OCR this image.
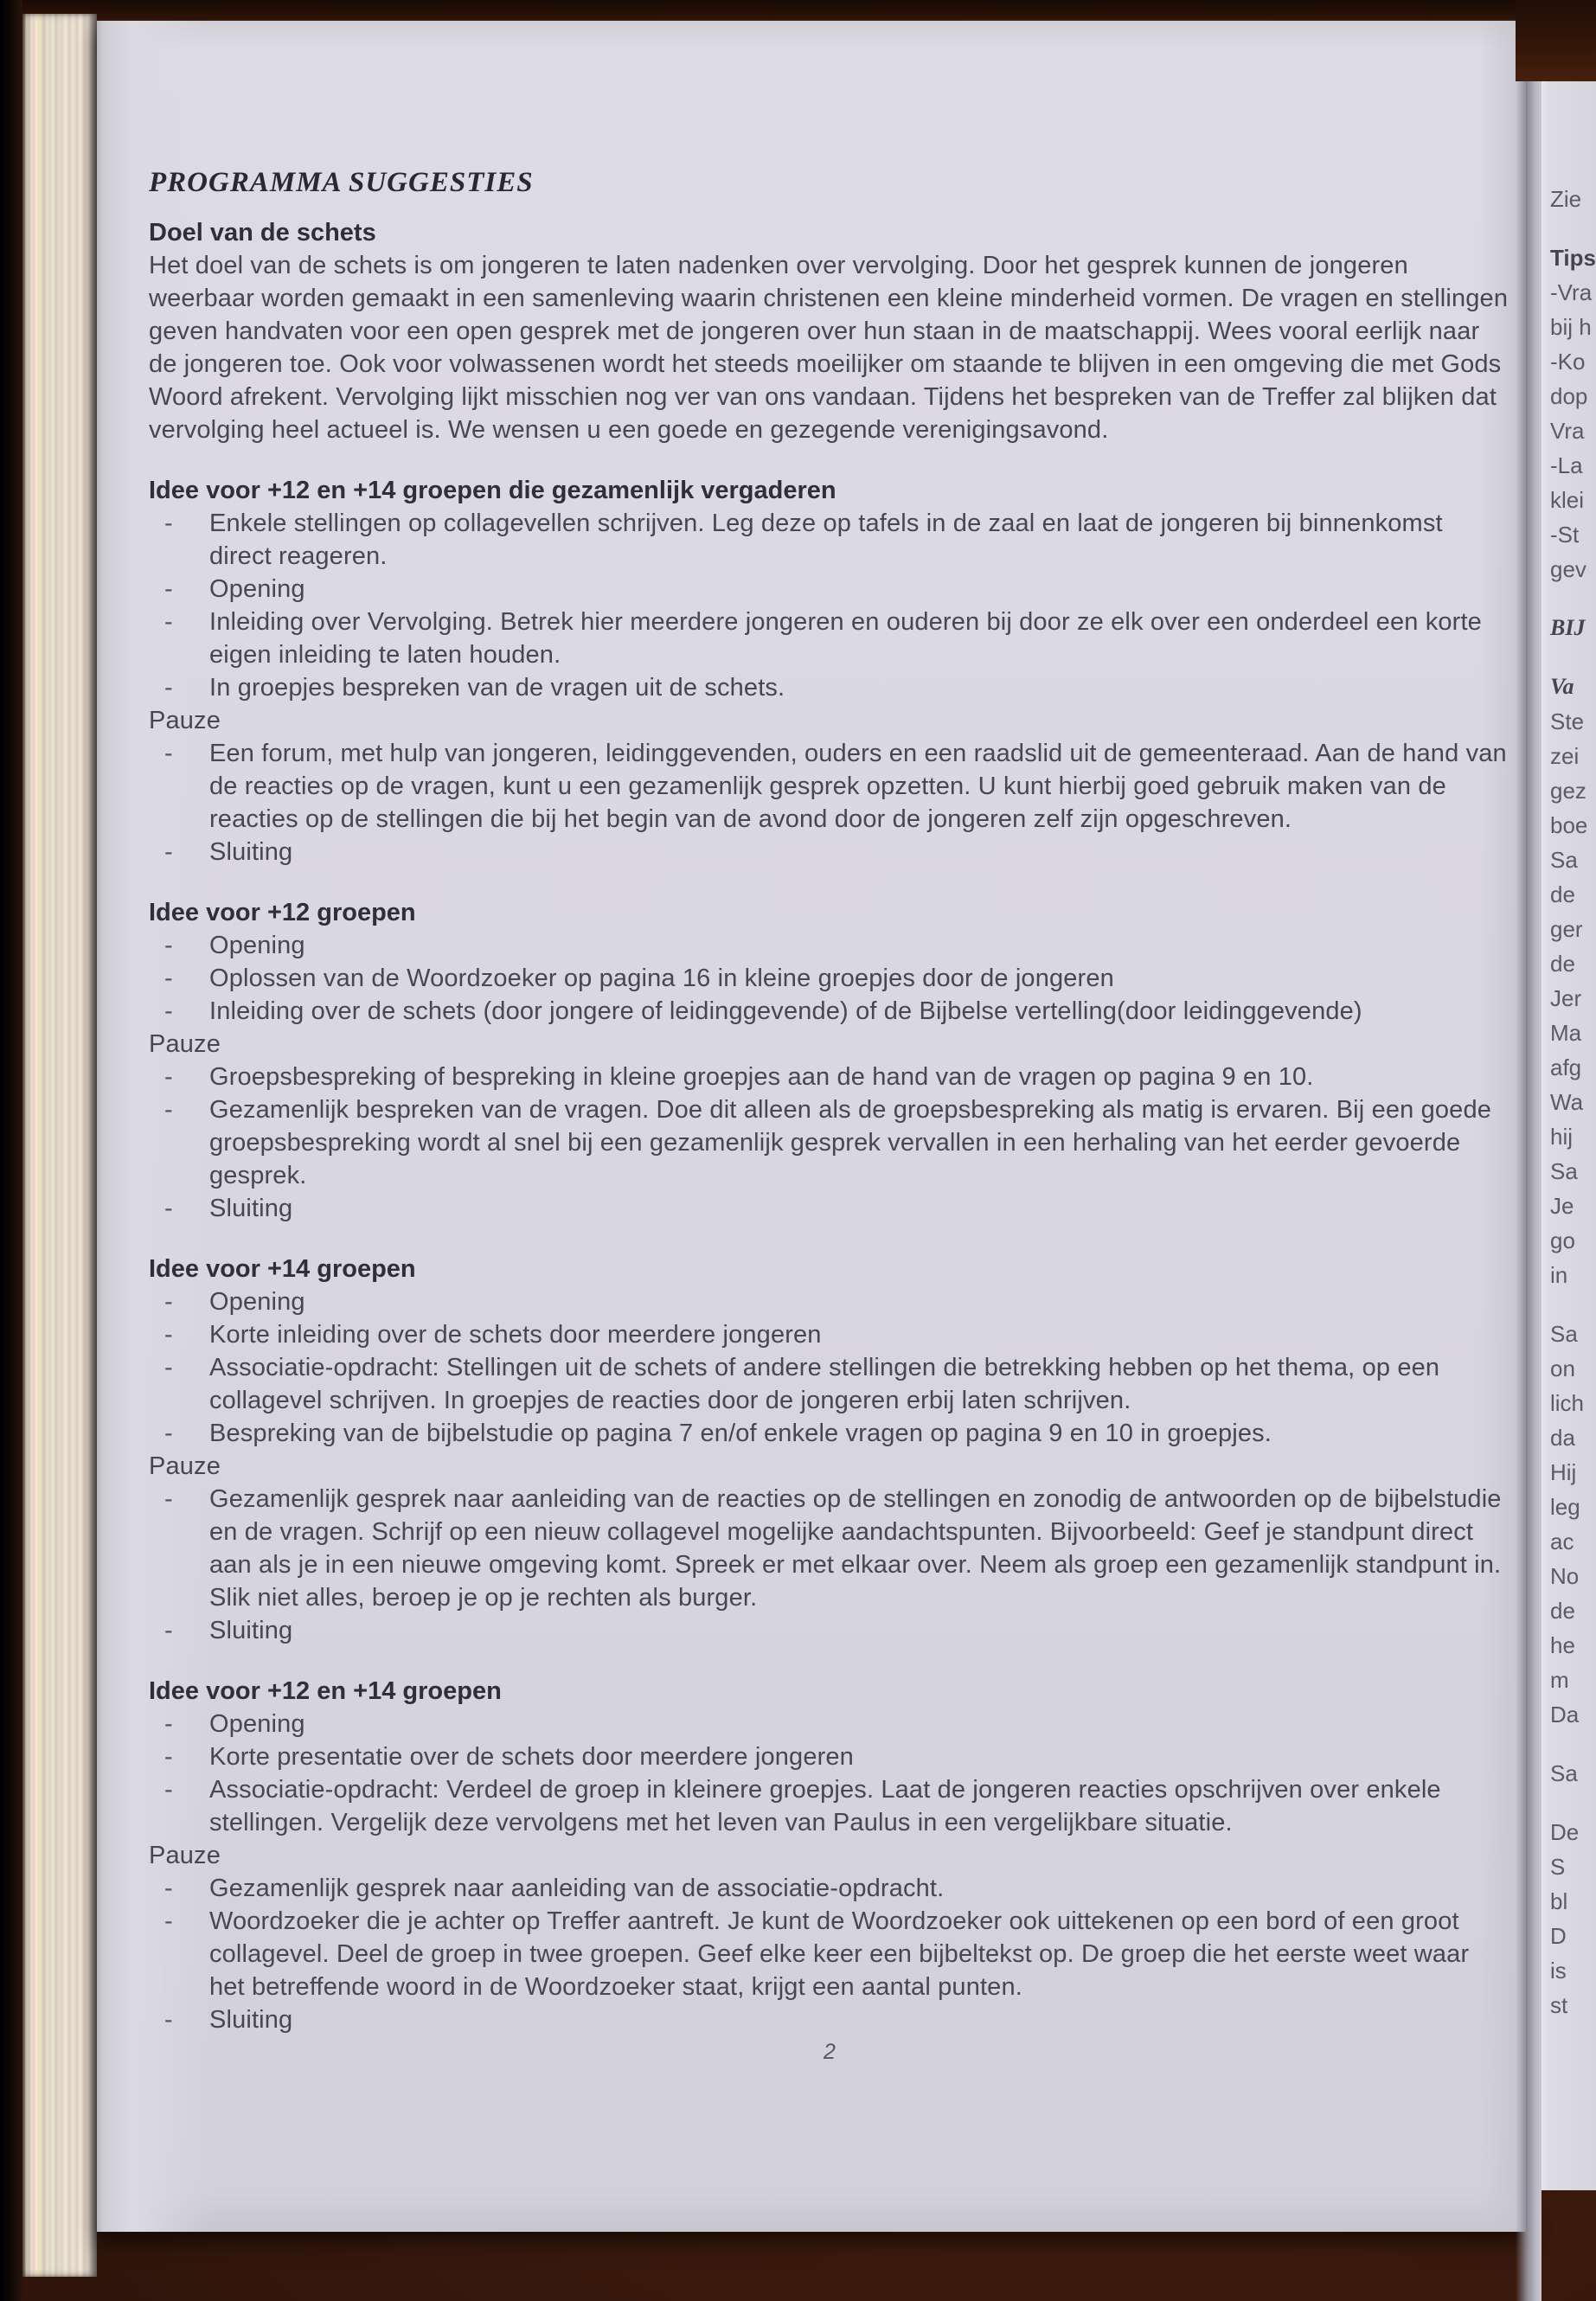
PROGRAMMA SUGGESTIES
Doel van de schets

Het doel van de schets is om jongeren te laten nadenken over vervolging. Door het gesprek kunnen de jongeren weerbaar worden gemaakt in een samenleving waarin christenen een kleine minderheid vormen. De vragen en stellingen geven handvaten voor een open gesprek met de jongeren over hun staan in de maatschappij. Wees vooral eerlijk naar de jongeren toe. Ook voor volwassenen wordt het steeds moeilijker om staande te blijven in een omgeving die met Gods Woord afrekent. Vervolging lijkt misschien nog ver van ons vandaan. Tijdens het bespreken van de Treffer zal blijken dat vervolging heel actueel is. We wensen u een goede en gezegende verenigingsavond.

Idee voor +12 en +14 groepen die gezamenlijk vergaderen
- Enkele stellingen op collagevellen schrijven. Leg deze op tafels in de zaal en laat de jongeren bij binnenkomst direct reageren.
- Opening
- Inleiding over Vervolging. Betrek hier meerdere jongeren en ouderen bij door ze elk over een onderdeel een korte eigen inleiding te laten houden.
- In groepjes bespreken van de vragen uit de schets.
Pauze
- Een forum, met hulp van jongeren, leidinggevenden, ouders en een raadslid uit de gemeenteraad. Aan de hand van de reacties op de vragen, kunt u een gezamenlijk gesprek opzetten. U kunt hierbij goed gebruik maken van de reacties op de stellingen die bij het begin van de avond door de jongeren zelf zijn opgeschreven.
- Sluiting
Idee voor +12 groepen
- Opening
- Oplossen van de Woordzoeker op pagina 16 in kleine groepjes door de jongeren
- Inleiding over de schets (door jongere of leidinggevende) of de Bijbelse vertelling(door leidinggevende)
Pauze
- Groepsbespreking of bespreking in kleine groepjes aan de hand van de vragen op pagina 9 en 10.
- Gezamenlijk bespreken van de vragen. Doe dit alleen als de groepsbespreking als matig is ervaren. Bij een goede groepsbespreking wordt al snel bij een gezamenlijk gesprek vervallen in een herhaling van het eerder gevoerde gesprek.
- Sluiting
Idee voor +14 groepen
- Opening
- Korte inleiding over de schets door meerdere jongeren
- Associatie-opdracht: Stellingen uit de schets of andere stellingen die betrekking hebben op het thema, op een collagevel schrijven. In groepjes de reacties door de jongeren erbij laten schrijven.
- Bespreking van de bijbelstudie op pagina 7 en/of enkele vragen op pagina 9 en 10 in groepjes.
Pauze
- Gezamenlijk gesprek naar aanleiding van de reacties op de stellingen en zonodig de antwoorden op de bijbelstudie en de vragen. Schrijf op een nieuw collagevel mogelijke aandachtspunten. Bijvoorbeeld: Geef je standpunt direct aan als je in een nieuwe omgeving komt. Spreek er met elkaar over. Neem als groep een gezamenlijk standpunt in. Slik niet alles, beroep je op je rechten als burger.
- Sluiting
Idee voor +12 en +14 groepen
- Opening
- Korte presentatie over de schets door meerdere jongeren
- Associatie-opdracht: Verdeel de groep in kleinere groepjes. Laat de jongeren reacties opschrijven over enkele stellingen. Vergelijk deze vervolgens met het leven van Paulus in een vergelijkbare situatie.
Pauze
- Gezamenlijk gesprek naar aanleiding van de associatie-opdracht.
- Woordzoeker die je achter op Treffer aantreft. Je kunt de Woordzoeker ook uittekenen op een bord of een groot collagevel. Deel de groep in twee groepen. Geef elke keer een bijbeltekst op. De groep die het eerste weet waar het betreffende woord in de Woordzoeker staat, krijgt een aantal punten.
- Sluiting
2
Zie
Tips
-Vra
bij h
-Ko
dop
Vra
-La
klei
-St
gev
BIJ
Va
Ste
zei
gez
boe
Sa
de
ger
de
Jer
Ma
afg
Wa
hij
Sa
Je
go
in
Sa
on
lich
da
Hij
leg
ac
No
de
he
m
Da
Sa
De
S
bl
D
is
st
